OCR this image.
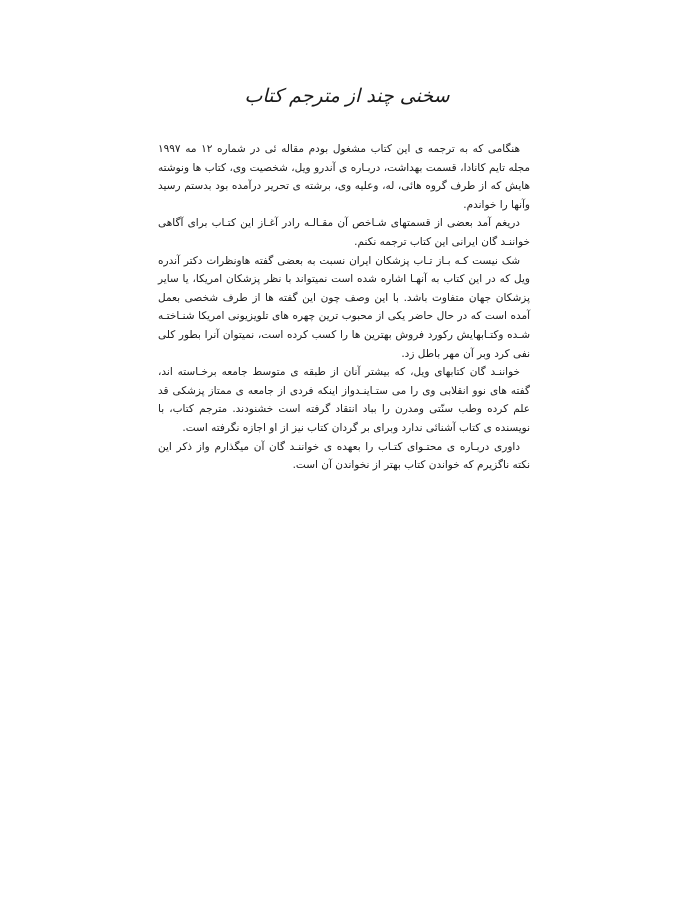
سخنی چند از مترجم کتاب

هنگامی که به ترجمه ی این کتاب مشغول بودم مقاله ئی در شماره ۱۲ مه ۱۹۹۷ مجله تایم کانادا، قسمت بهداشت، دربـاره ی آندرو ویل، شخصیت وی، کتاب ها ونوشته هایش که از طرف گروه هائی، له، وعلیه وی، برشته ی تحریر درآمده بود بدستم رسید وآنها را خواندم.

دریغم آمد بعضی از قسمتهای شـاخص آن مقـالـه رادر آغـاز این کتـاب برای آگاهی خواننـد گان ایرانی این کتاب ترجمه نکنم.

شک نیست کـه بـاز تـاب پزشکان ایران نسبت به بعضی گفته هاونظرات دکتر آندره ویل که در این کتاب به آنهـا اشاره شده است نمیتواند با نظر پزشکان امریکا، یا سایر پزشکان جهان متفاوت باشد. با این وصف چون این گفته ها از طرف شخصی بعمل آمده است که در حال حاضر یکی از محبوب ترین چهره های تلویزیونی امریکا شنـاختـه شـده وکتـابهایش رکورد فروش بهترین ها را کسب کرده است، نمیتوان آنرا بطور کلی نفی کرد وبر آن مهر باطل زد.

خواننـد گان کتابهای ویل، که بیشتر آنان از طبقه ی متوسط جامعه برخـاسته اند، گفته های نوو انقلابی وی را می ستـاینـدواز اینکه فردی از جامعه ی ممتاز پزشکی قد علم کرده وطب سنّتی ومدرن را بباد انتقاد گرفته است خشنودند. مترجم کتاب، با نویسنده ی کتاب آشنائی ندارد وبرای بر گردان کتاب نیز از او اجازه نگرفته است.

داوری دربـاره ی محتـوای کتـاب را بعهده ی خواننـد گان آن میگذارم واز ذکر این نکته ناگزیرم که خواندن کتاب بهتر از نخواندن آن است.
